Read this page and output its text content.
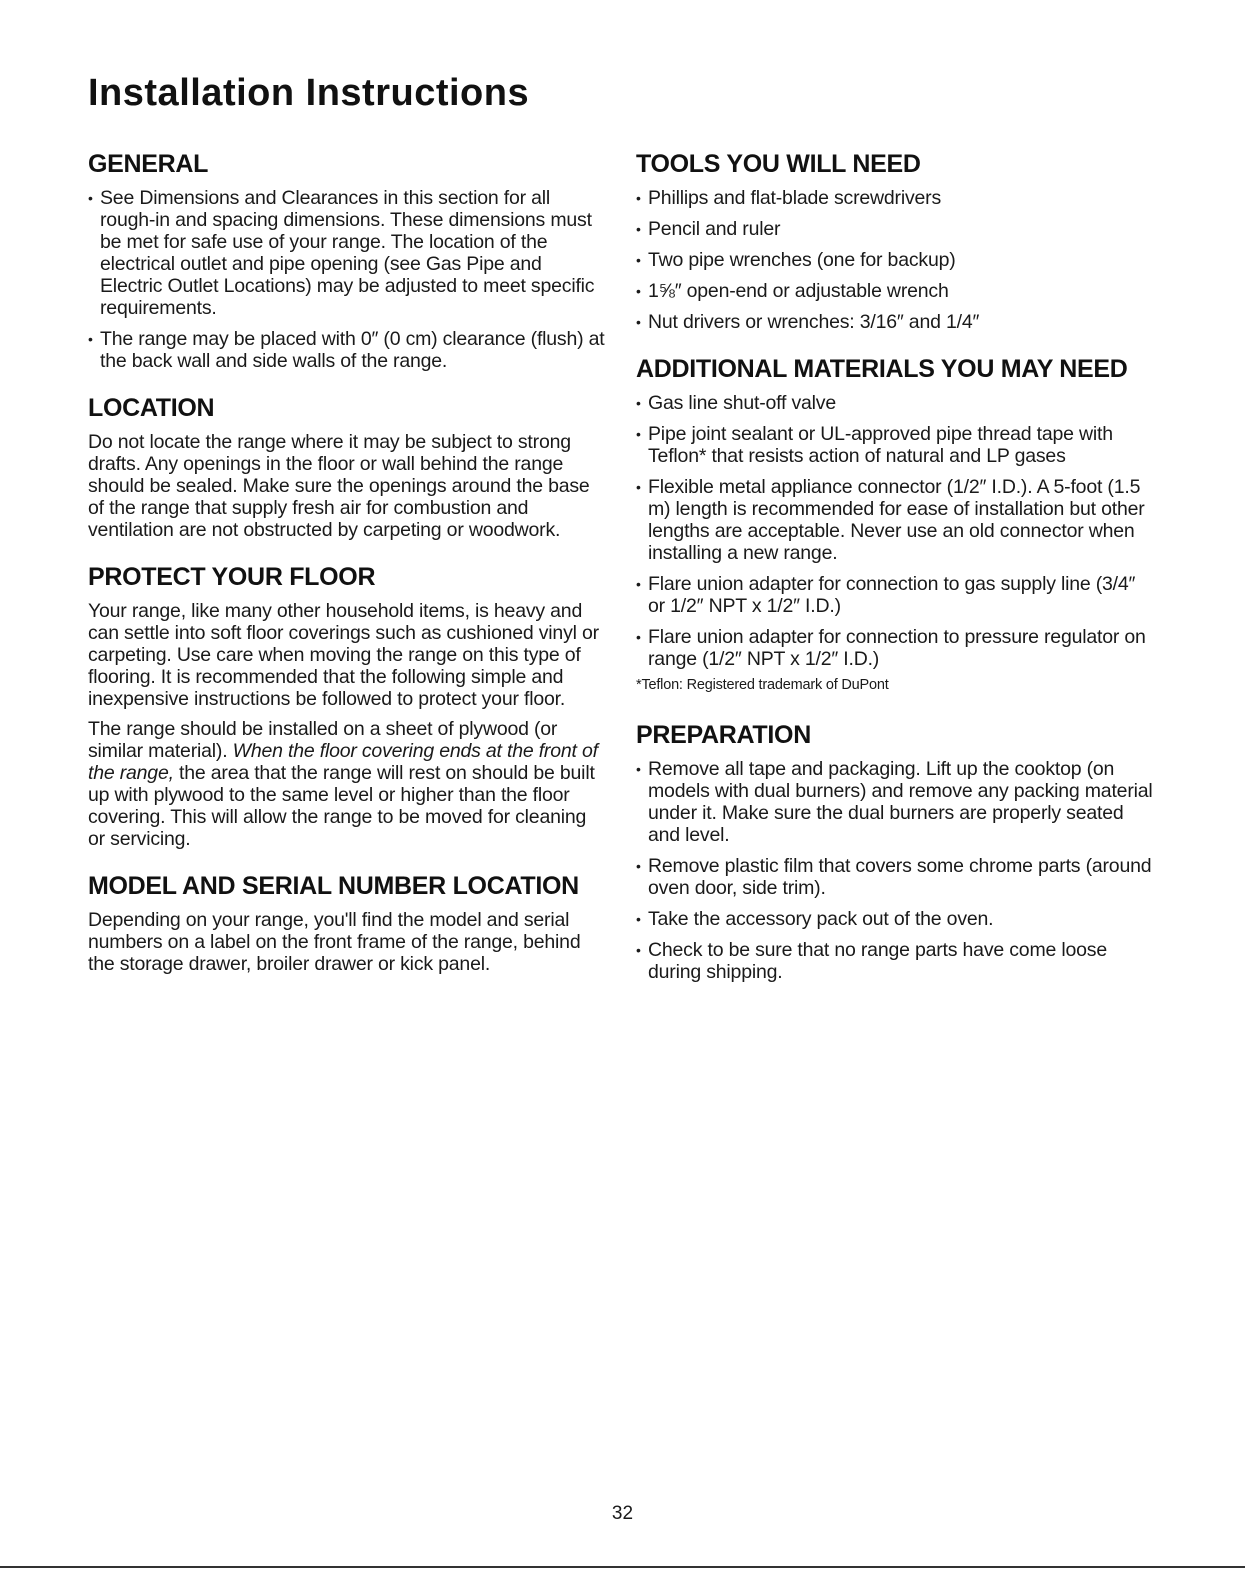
Installation Instructions
GENERAL
• See Dimensions and Clearances in this section for all rough-in and spacing dimensions. These dimensions must be met for safe use of your range. The location of the electrical outlet and pipe opening (see Gas Pipe and Electric Outlet Locations) may be adjusted to meet specific requirements.
• The range may be placed with 0″ (0 cm) clearance (flush) at the back wall and side walls of the range.
LOCATION

Do not locate the range where it may be subject to strong drafts. Any openings in the floor or wall behind the range should be sealed. Make sure the openings around the base of the range that supply fresh air for combustion and ventilation are not obstructed by carpeting or woodwork.

PROTECT YOUR FLOOR

Your range, like many other household items, is heavy and can settle into soft floor coverings such as cushioned vinyl or carpeting. Use care when moving the range on this type of flooring. It is recommended that the following simple and inexpensive instructions be followed to protect your floor.

The range should be installed on a sheet of plywood (or similar material). When the floor covering ends at the front of the range, the area that the range will rest on should be built up with plywood to the same level or higher than the floor covering. This will allow the range to be moved for cleaning or servicing.

MODEL AND SERIAL NUMBER LOCATION

Depending on your range, you'll find the model and serial numbers on a label on the front frame of the range, behind the storage drawer, broiler drawer or kick panel.

TOOLS YOU WILL NEED
• Phillips and flat-blade screwdrivers
• Pencil and ruler
• Two pipe wrenches (one for backup)
• 1⅝″ open-end or adjustable wrench
• Nut drivers or wrenches: 3/16″ and 1/4″
ADDITIONAL MATERIALS YOU MAY NEED
• Gas line shut-off valve
• Pipe joint sealant or UL-approved pipe thread tape with Teflon* that resists action of natural and LP gases
• Flexible metal appliance connector (1/2″ I.D.). A 5-foot (1.5 m) length is recommended for ease of installation but other lengths are acceptable. Never use an old connector when installing a new range.
• Flare union adapter for connection to gas supply line (3/4″ or 1/2″ NPT x 1/2″ I.D.)
• Flare union adapter for connection to pressure regulator on range (1/2″ NPT x 1/2″ I.D.)
*Teflon: Registered trademark of DuPont
PREPARATION
• Remove all tape and packaging. Lift up the cooktop (on models with dual burners) and remove any packing material under it. Make sure the dual burners are properly seated and level.
• Remove plastic film that covers some chrome parts (around oven door, side trim).
• Take the accessory pack out of the oven.
• Check to be sure that no range parts have come loose during shipping.
32
